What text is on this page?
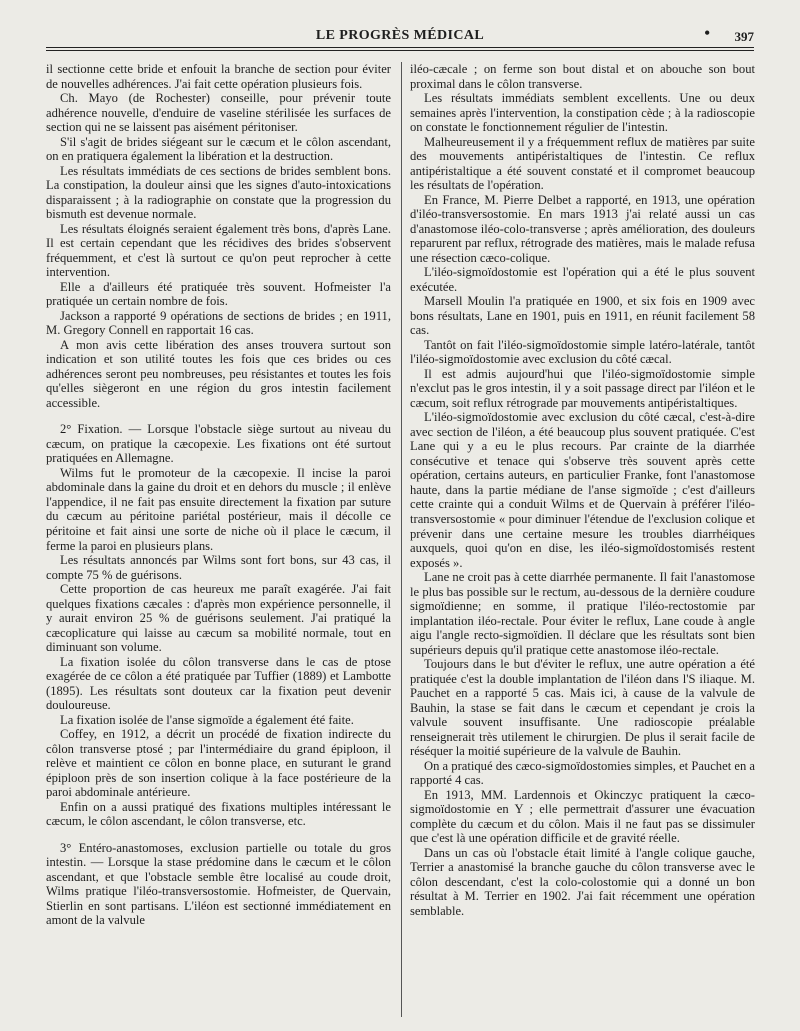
LE PROGRÈS MÉDICAL	• 397

il sectionne cette bride et enfouit la branche de section pour éviter de nouvelles adhérences. J'ai fait cette opération plusieurs fois.

Ch. Mayo (de Rochester) conseille, pour prévenir toute adhérence nouvelle, d'enduire de vaseline stérilisée les surfaces de section qui ne se laissent pas aisément péritoniser.

S'il s'agit de brides siégeant sur le cæcum et le côlon ascendant, on en pratiquera également la libération et la destruction.

Les résultats immédiats de ces sections de brides semblent bons. La constipation, la douleur ainsi que les signes d'auto-intoxications disparaissent ; à la radiographie on constate que la progression du bismuth est devenue normale.

Les résultats éloignés seraient également très bons, d'après Lane. Il est certain cependant que les récidives des brides s'observent fréquemment, et c'est là surtout ce qu'on peut reprocher à cette intervention.

Elle a d'ailleurs été pratiquée très souvent. Hofmeister l'a pratiquée un certain nombre de fois.

Jackson a rapporté 9 opérations de sections de brides ; en 1911, M. Gregory Connell en rapportait 16 cas.

A mon avis cette libération des anses trouvera surtout son indication et son utilité toutes les fois que ces brides ou ces adhérences seront peu nombreuses, peu résistantes et toutes les fois qu'elles siègeront en une région du gros intestin facilement accessible.

2° Fixation. — Lorsque l'obstacle siège surtout au niveau du cæcum, on pratique la cæcopexie. Les fixations ont été surtout pratiquées en Allemagne.

Wilms fut le promoteur de la cæcopexie. Il incise la paroi abdominale dans la gaine du droit et en dehors du muscle ; il enlève l'appendice, il ne fait pas ensuite directement la fixation par suture du cæcum au péritoine pariétal postérieur, mais il décolle ce péritoine et fait ainsi une sorte de niche où il place le cæcum, il ferme la paroi en plusieurs plans.

Les résultats annoncés par Wilms sont fort bons, sur 43 cas, il compte 75 % de guérisons.

Cette proportion de cas heureux me paraît exagérée. J'ai fait quelques fixations cæcales : d'après mon expérience personnelle, il y aurait environ 25 % de guérisons seulement. J'ai pratiqué la cæcoplicature qui laisse au cæcum sa mobilité normale, tout en diminuant son volume.

La fixation isolée du côlon transverse dans le cas de ptose exagérée de ce côlon a été pratiquée par Tuffier (1889) et Lambotte (1895). Les résultats sont douteux car la fixation peut devenir douloureuse.

La fixation isolée de l'anse sigmoïde a également été faite.

Coffey, en 1912, a décrit un procédé de fixation indirecte du côlon transverse ptosé ; par l'intermédiaire du grand épiploon, il relève et maintient ce côlon en bonne place, en suturant le grand épiploon près de son insertion colique à la face postérieure de la paroi abdominale antérieure.

Enfin on a aussi pratiqué des fixations multiples intéressant le cæcum, le côlon ascendant, le côlon transverse, etc.

3° Entéro-anastomoses, exclusion partielle ou totale du gros intestin. — Lorsque la stase prédomine dans le cæcum et le côlon ascendant, et que l'obstacle semble être localisé au coude droit, Wilms pratique l'iléo-transversostomie. Hofmeister, de Quervain, Stierlin en sont partisans. L'iléon est sectionné immédiatement en amont de la valvule

iléo-cæcale ; on ferme son bout distal et on abouche son bout proximal dans le côlon transverse.

Les résultats immédiats semblent excellents. Une ou deux semaines après l'intervention, la constipation cède ; à la radioscopie on constate le fonctionnement régulier de l'intestin.

Malheureusement il y a fréquemment reflux de matières par suite des mouvements antipéristaltiques de l'intestin. Ce reflux antipéristaltique a été souvent constaté et il compromet beaucoup les résultats de l'opération.

En France, M. Pierre Delbet a rapporté, en 1913, une opération d'iléo-transversostomie. En mars 1913 j'ai relaté aussi un cas d'anastomose iléo-colo-transverse ; après amélioration, des douleurs reparurent par reflux, rétrograde des matières, mais le malade refusa une résection cæco-colique.

L'iléo-sigmoïdostomie est l'opération qui a été le plus souvent exécutée.

Marsell Moulin l'a pratiquée en 1900, et six fois en 1909 avec bons résultats, Lane en 1901, puis en 1911, en réunit facilement 58 cas.

Tantôt on fait l'iléo-sigmoïdostomie simple latéro-latérale, tantôt l'iléo-sigmoïdostomie avec exclusion du côté cæcal.

Il est admis aujourd'hui que l'iléo-sigmoïdostomie simple n'exclut pas le gros intestin, il y a soit passage direct par l'iléon et le cæcum, soit reflux rétrograde par mouvements antipéristaltiques.

L'iléo-sigmoïdostomie avec exclusion du côté cæcal, c'est-à-dire avec section de l'iléon, a été beaucoup plus souvent pratiquée. C'est Lane qui y a eu le plus recours. Par crainte de la diarrhée consécutive et tenace qui s'observe très souvent après cette opération, certains auteurs, en particulier Franke, font l'anastomose haute, dans la partie médiane de l'anse sigmoïde ; c'est d'ailleurs cette crainte qui a conduit Wilms et de Quervain à préférer l'iléo-transversostomie « pour diminuer l'étendue de l'exclusion colique et prévenir dans une certaine mesure les troubles diarrhéiques auxquels, quoi qu'on en dise, les iléo-sigmoïdostomisés restent exposés ».

Lane ne croit pas à cette diarrhée permanente. Il fait l'anastomose le plus bas possible sur le rectum, au-dessous de la dernière coudure sigmoïdienne; en somme, il pratique l'iléo-rectostomie par implantation iléo-rectale. Pour éviter le reflux, Lane coude à angle aigu l'angle recto-sigmoïdien. Il déclare que les résultats sont bien supérieurs depuis qu'il pratique cette anastomose iléo-rectale.

Toujours dans le but d'éviter le reflux, une autre opération a été pratiquée c'est la double implantation de l'iléon dans l'S iliaque. M. Pauchet en a rapporté 5 cas. Mais ici, à cause de la valvule de Bauhin, la stase se fait dans le cæcum et cependant je crois la valvule souvent insuffisante. Une radioscopie préalable renseignerait très utilement le chirurgien. De plus il serait facile de réséquer la moitié supérieure de la valvule de Bauhin.

On a pratiqué des cæco-sigmoïdostomies simples, et Pauchet en a rapporté 4 cas.

En 1913, MM. Lardennois et Okinczyc pratiquent la cæco-sigmoïdostomie en Y ; elle permettrait d'assurer une évacuation complète du cæcum et du côlon. Mais il ne faut pas se dissimuler que c'est là une opération difficile et de gravité réelle.

Dans un cas où l'obstacle était limité à l'angle colique gauche, Terrier a anastomisé la branche gauche du côlon transverse avec le côlon descendant, c'est la colo-colostomie qui a donné un bon résultat à M. Terrier en 1902. J'ai fait récemment une opération semblable.
